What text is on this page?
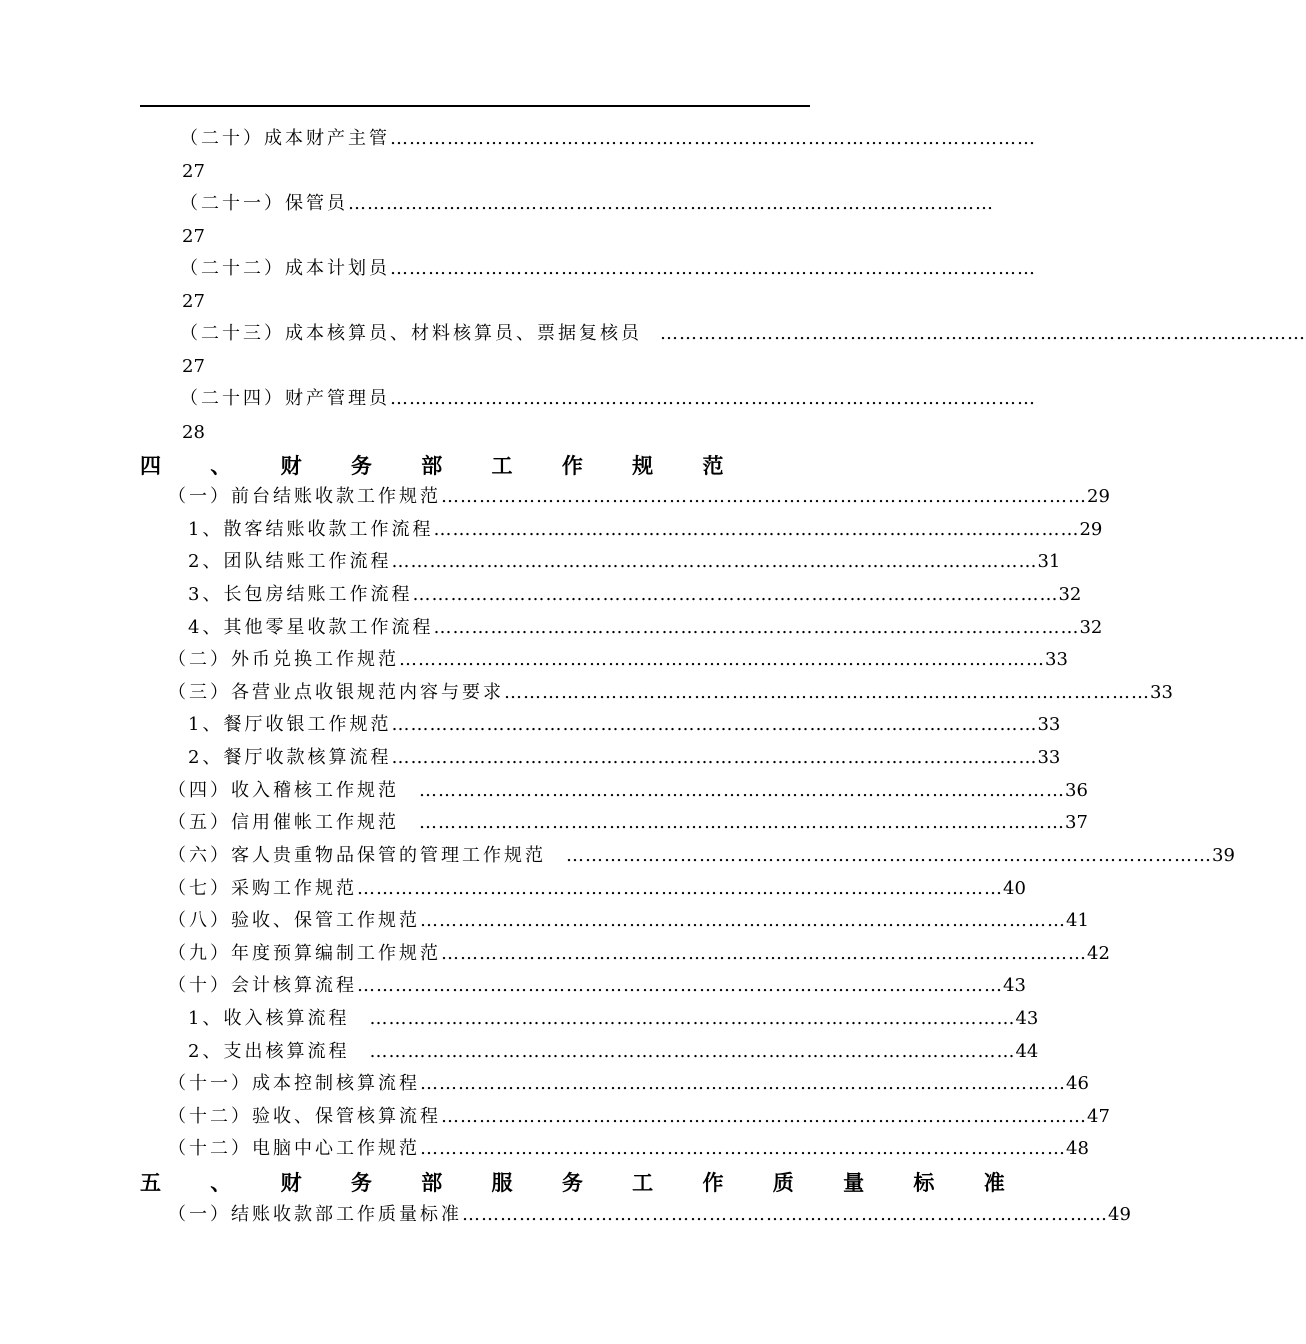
（二十）成本财产主管 …………………………………………………………………………………………
27
（二十一）保管员 …………………………………………………………………………………………
27
（二十二）成本计划员 …………………………………………………………………………………………
27
（二十三）成本核算员、材料核算员、票据复核员 …………………………………………………………………………………………
27
（二十四）财产管理员 …………………………………………………………………………………………
28
四 、 财 务 部 工 作 规 范
（一）前台结账收款工作规范 ………………………………………………………………………………………… 29
1、散客结账收款工作流程 ………………………………………………………………………………………… 29
2、团队结账工作流程 ………………………………………………………………………………………… 31
3、长包房结账工作流程 ………………………………………………………………………………………… 32
4、其他零星收款工作流程 ………………………………………………………………………………………… 32
（二）外币兑换工作规范 ………………………………………………………………………………………… 33
（三）各营业点收银规范内容与要求 ………………………………………………………………………………………… 33
1、餐厅收银工作规范 ………………………………………………………………………………………… 33
2、餐厅收款核算流程 ………………………………………………………………………………………… 33
（四）收入稽核工作规范 ………………………………………………………………………………………… 36
（五）信用催帐工作规范 ………………………………………………………………………………………… 37
（六）客人贵重物品保管的管理工作规范 ………………………………………………………………………………………… 39
（七）采购工作规范 ………………………………………………………………………………………… 40
（八）验收、保管工作规范 ………………………………………………………………………………………… 41
（九）年度预算编制工作规范 ………………………………………………………………………………………… 42
（十）会计核算流程 ………………………………………………………………………………………… 43
1、收入核算流程 ………………………………………………………………………………………… 43
2、支出核算流程 ………………………………………………………………………………………… 44
（十一）成本控制核算流程 ………………………………………………………………………………………… 46
（十二）验收、保管核算流程 ………………………………………………………………………………………… 47
（十二）电脑中心工作规范 ………………………………………………………………………………………… 48
五 、 财 务 部 服 务 工 作 质 量 标 准
（一）结账收款部工作质量标准 ………………………………………………………………………………………… 49
